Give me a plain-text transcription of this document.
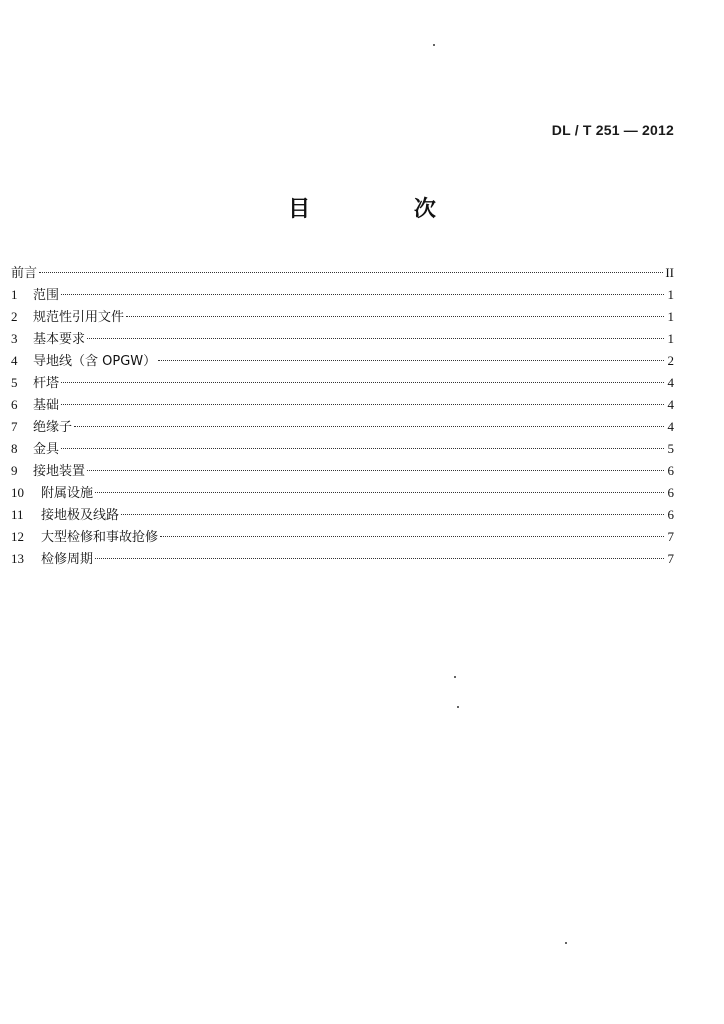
DL / T 251 — 2012
目 次
前言	II
1	范围	1
2	规范性引用文件	1
3	基本要求	1
4	导地线（含 OPGW）	2
5	杆塔	4
6	基础	4
7	绝缘子	4
8	金具	5
9	接地装置	6
10	附属设施	6
11	接地极及线路	6
12	大型检修和事故抢修	7
13	检修周期	7
